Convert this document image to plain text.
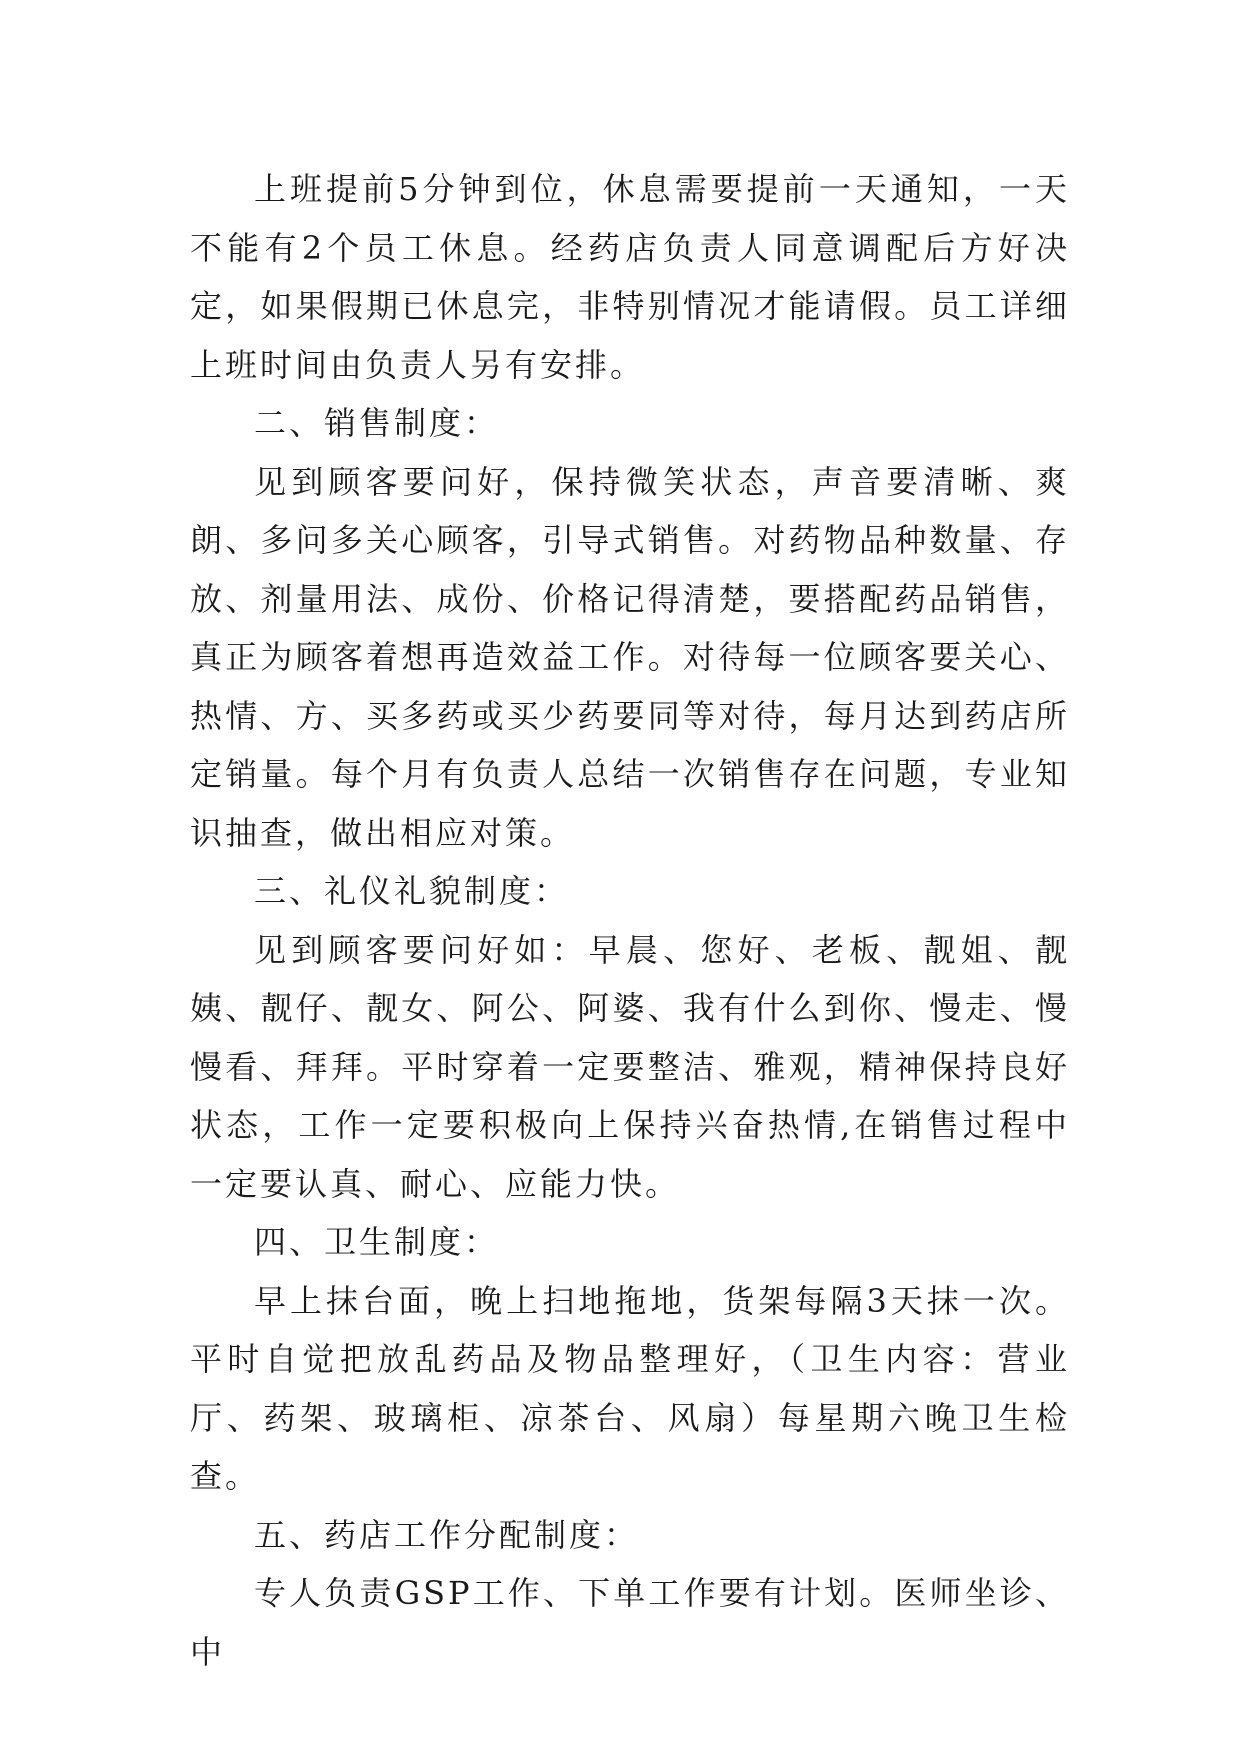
上班提前5分钟到位，休息需要提前一天通知，一天不能有2个员工休息。经药店负责人同意调配后方好决定，如果假期已休息完，非特别情况才能请假。员工详细上班时间由负责人另有安排。

二、销售制度：

见到顾客要问好，保持微笑状态，声音要清晰、爽朗、多问多关心顾客，引导式销售。对药物品种数量、存放、剂量用法、成份、价格记得清楚，要搭配药品销售，真正为顾客着想再造效益工作。对待每一位顾客要关心、热情、方、买多药或买少药要同等对待，每月达到药店所定销量。每个月有负责人总结一次销售存在问题，专业知识抽查，做出相应对策。

三、礼仪礼貌制度：

见到顾客要问好如：早晨、您好、老板、靓姐、靓姨、靓仔、靓女、阿公、阿婆、我有什么到你、慢走、慢慢看、拜拜。平时穿着一定要整洁、雅观，精神保持良好状态，工作一定要积极向上保持兴奋热情,在销售过程中一定要认真、耐心、应能力快。

四、卫生制度：

早上抹台面，晚上扫地拖地，货架每隔3天抹一次。平时自觉把放乱药品及物品整理好，（卫生内容：营业厅、药架、玻璃柜、凉茶台、风扇）每星期六晚卫生检查。

五、药店工作分配制度：

专人负责GSP工作、下单工作要有计划。医师坐诊、中
